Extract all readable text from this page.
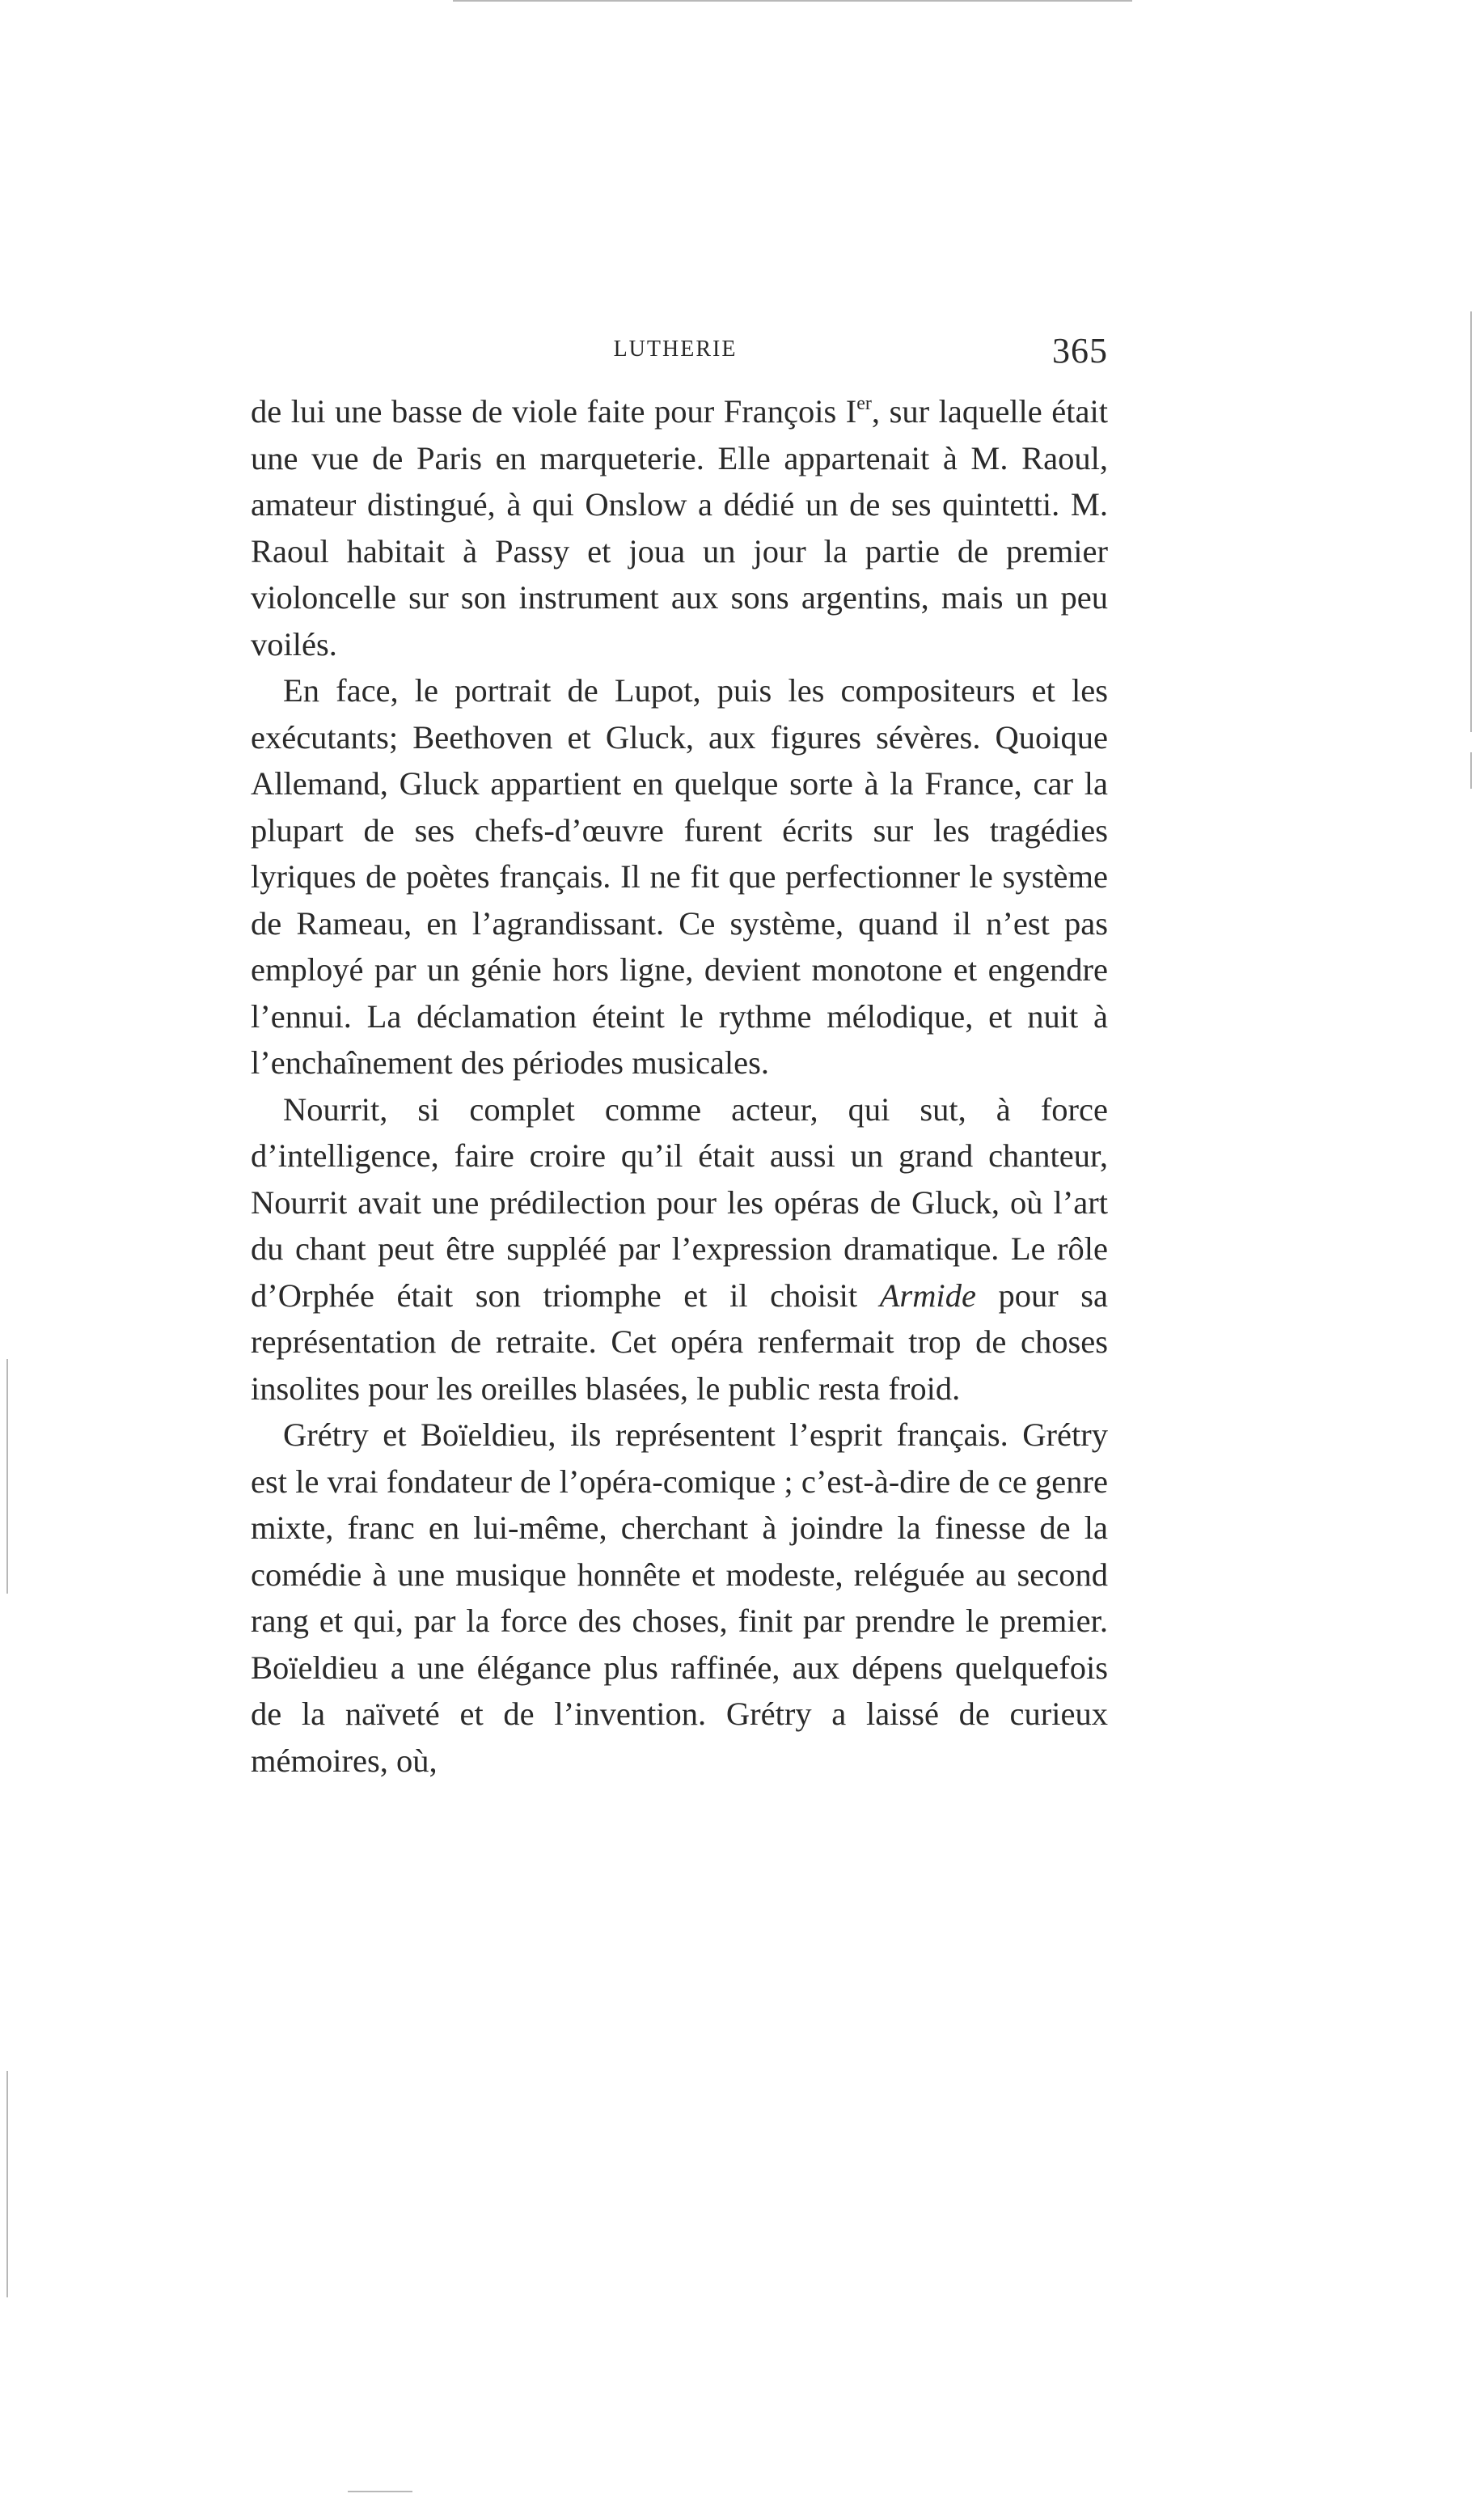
LUTHERIE	365

de lui une basse de viole faite pour François Ier, sur laquelle était une vue de Paris en marqueterie. Elle appartenait à M. Raoul, amateur distingué, à qui Onslow a dédié un de ses quintetti. M. Raoul habitait à Passy et joua un jour la partie de premier violoncelle sur son instrument aux sons argentins, mais un peu voilés.

En face, le portrait de Lupot, puis les compositeurs et les exécutants; Beethoven et Gluck, aux figures sévères. Quoique Allemand, Gluck appartient en quelque sorte à la France, car la plupart de ses chefs-d’œuvre furent écrits sur les tragédies lyriques de poètes français. Il ne fit que perfectionner le système de Rameau, en l’agrandissant. Ce système, quand il n’est pas employé par un génie hors ligne, devient monotone et engendre l’ennui. La déclamation éteint le rythme mélodique, et nuit à l’enchaînement des périodes musicales.

Nourrit, si complet comme acteur, qui sut, à force d’intelligence, faire croire qu’il était aussi un grand chanteur, Nourrit avait une prédilection pour les opéras de Gluck, où l’art du chant peut être suppléé par l’expression dramatique. Le rôle d’Orphée était son triomphe et il choisit Armide pour sa représentation de retraite. Cet opéra renfermait trop de choses insolites pour les oreilles blasées, le public resta froid.

Grétry et Boïeldieu, ils représentent l’esprit français. Grétry est le vrai fondateur de l’opéra-comique ; c’est-à-dire de ce genre mixte, franc en lui-même, cherchant à joindre la finesse de la comédie à une musique honnête et modeste, reléguée au second rang et qui, par la force des choses, finit par prendre le premier. Boïeldieu a une élégance plus raffinée, aux dépens quelquefois de la naïveté et de l’invention. Grétry a laissé de curieux mémoires, où,
